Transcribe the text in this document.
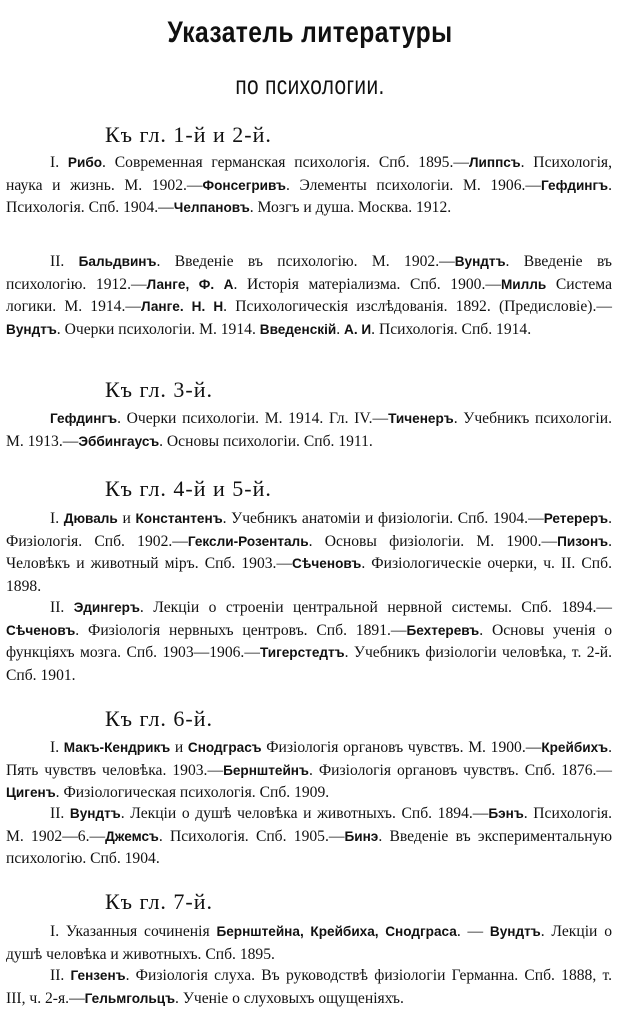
Указатель литературы
по психологии.
Къ гл. 1-й и 2-й.
I. Рибо. Современная германская психологія. Спб. 1895.—Липпсъ. Психологія, наука и жизнь. М. 1902.—Фонсегривъ. Элементы психологіи. М. 1906.—Гефдингъ. Психологія. Спб. 1904.—Челпановъ. Мозгъ и душа. Москва. 1912.
II. Бальдвинъ. Введеніе въ психологію. М. 1902.—Вундтъ. Введеніе въ психологію. 1912.—Ланге, Ф. А. Исторія матеріализма. Спб. 1900.—Милль Система логики. М. 1914.—Ланге. Н. Н. Психологическія изслѣдованія. 1892. (Предисловіе).—Вундтъ. Очерки психологіи. М. 1914. Введенскій. А. И. Психологія. Спб. 1914.
Къ гл. 3-й.
Гефдингъ. Очерки психологіи. М. 1914. Гл. IV.—Тиченеръ. Учебникъ психологіи. М. 1913.—Эббингаусъ. Основы психологіи. Спб. 1911.
Къ гл. 4-й и 5-й.
I. Дюваль и Константенъ. Учебникъ анатоміи и физіологіи. Спб. 1904.—Ретереръ. Физіологія. Спб. 1902.—Гексли-Розенталь. Основы физіологіи. М. 1900.—Пизонъ. Человѣкъ и животный міръ. Спб. 1903.—Сѣченовъ. Физіологическіе очерки, ч. II. Спб. 1898.
II. Эдингеръ. Лекціи о строеніи центральной нервной системы. Спб. 1894.—Сѣченовъ. Физіологія нервныхъ центровъ. Спб. 1891.—Бехтеревъ. Основы ученія о функціяхъ мозга. Спб. 1903—1906.—Тигерстедтъ. Учебникъ физіологіи человѣка, т. 2-й. Спб. 1901.
Къ гл. 6-й.
I. Макъ-Кендрикъ и Снодграсъ Физіологія органовъ чувствъ. М. 1900.—Крейбихъ. Пять чувствъ человѣка. 1903.—Бернштейнъ. Физіологія органовъ чувствъ. Спб. 1876.—Цигенъ. Физіологическая психологія. Спб. 1909.
II. Вундтъ. Лекціи о душѣ человѣка и животныхъ. Спб. 1894.—Бэнъ. Психологія. М. 1902—6.—Джемсъ. Психологія. Спб. 1905.—Бинэ. Введеніе въ экспериментальную психологію. Спб. 1904.
Къ гл. 7-й.
I. Указанныя сочиненія Бернштейна, Крейбиха, Снодграса. — Вундтъ. Лекціи о душѣ человѣка и животныхъ. Спб. 1895.
II. Гензенъ. Физіологія слуха. Въ руководствѣ физіологіи Германна. Спб. 1888, т. III, ч. 2-я.—Гельмгольцъ. Ученіе о слуховыхъ ощущеніяхъ.
